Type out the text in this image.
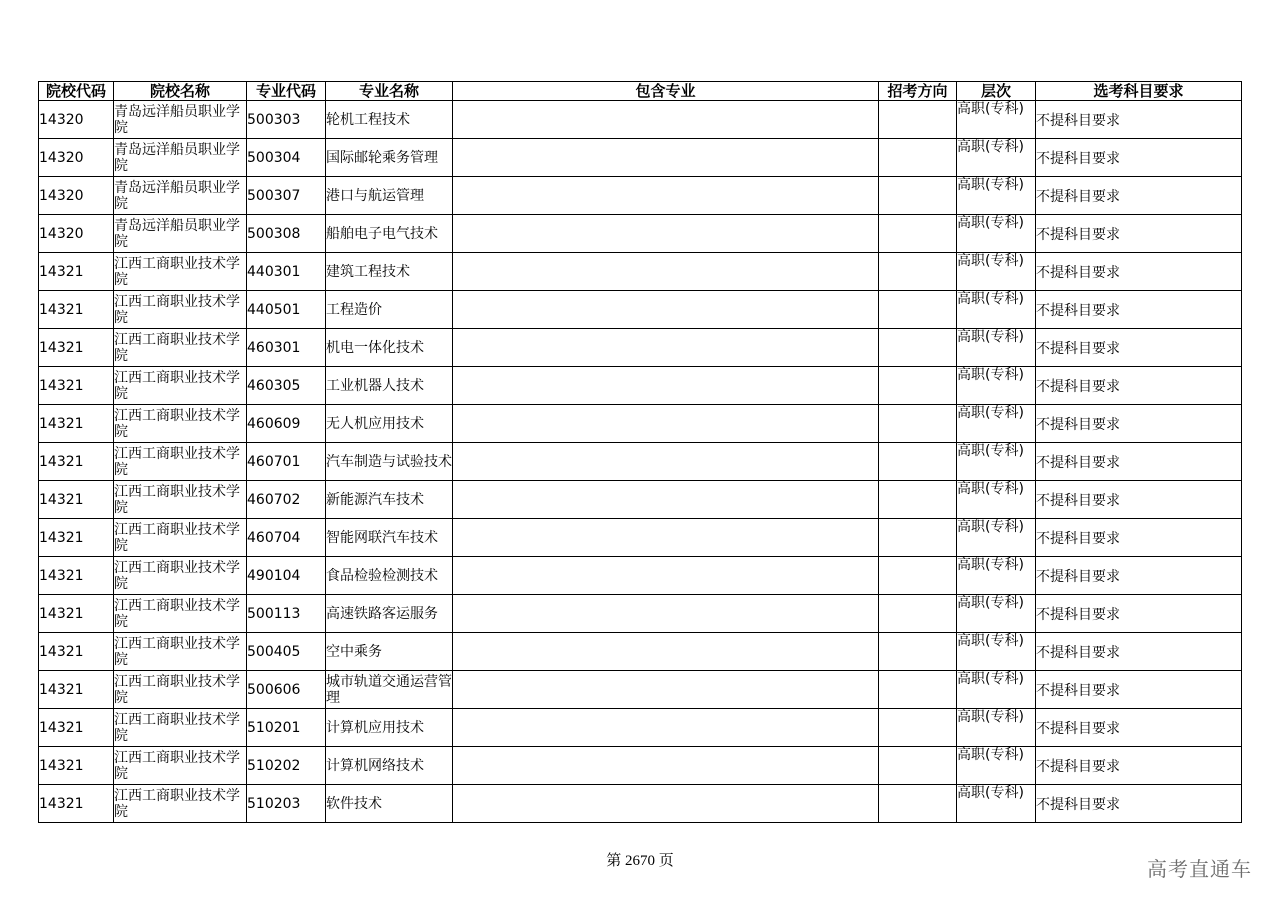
院校代码	院校名称	专业代码	专业名称	包含专业	招考方向	层次	选考科目要求
14320	青岛远洋船员职业学院	500303	轮机工程技术			高职(专科)	不提科目要求
14320	青岛远洋船员职业学院	500304	国际邮轮乘务管理			高职(专科)	不提科目要求
14320	青岛远洋船员职业学院	500307	港口与航运管理			高职(专科)	不提科目要求
14320	青岛远洋船员职业学院	500308	船舶电子电气技术			高职(专科)	不提科目要求
14321	江西工商职业技术学院	440301	建筑工程技术			高职(专科)	不提科目要求
14321	江西工商职业技术学院	440501	工程造价			高职(专科)	不提科目要求
14321	江西工商职业技术学院	460301	机电一体化技术			高职(专科)	不提科目要求
14321	江西工商职业技术学院	460305	工业机器人技术			高职(专科)	不提科目要求
14321	江西工商职业技术学院	460609	无人机应用技术			高职(专科)	不提科目要求
14321	江西工商职业技术学院	460701	汽车制造与试验技术			高职(专科)	不提科目要求
14321	江西工商职业技术学院	460702	新能源汽车技术			高职(专科)	不提科目要求
14321	江西工商职业技术学院	460704	智能网联汽车技术			高职(专科)	不提科目要求
14321	江西工商职业技术学院	490104	食品检验检测技术			高职(专科)	不提科目要求
14321	江西工商职业技术学院	500113	高速铁路客运服务			高职(专科)	不提科目要求
14321	江西工商职业技术学院	500405	空中乘务			高职(专科)	不提科目要求
14321	江西工商职业技术学院	500606	城市轨道交通运营管理			高职(专科)	不提科目要求
14321	江西工商职业技术学院	510201	计算机应用技术			高职(专科)	不提科目要求
14321	江西工商职业技术学院	510202	计算机网络技术			高职(专科)	不提科目要求
14321	江西工商职业技术学院	510203	软件技术			高职(专科)	不提科目要求
第 2670 页	高考直通车
